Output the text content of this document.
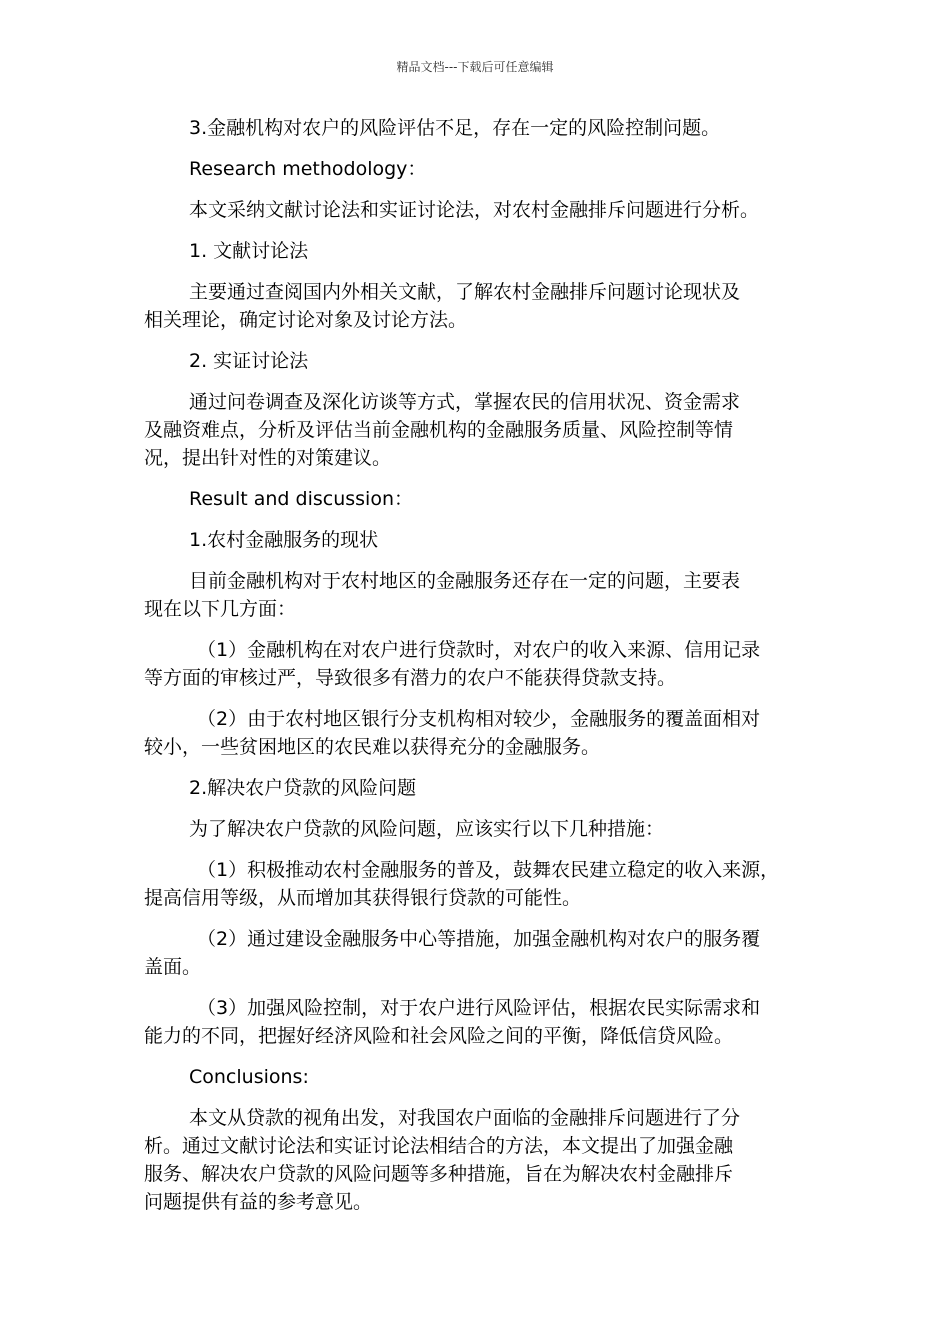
精品文档---下载后可任意编辑

3.金融机构对农户的风险评估不足，存在一定的风险控制问题。

Research methodology：

本文采纳文献讨论法和实证讨论法，对农村金融排斥问题进行分析。

1. 文献讨论法

主要通过查阅国内外相关文献，了解农村金融排斥问题讨论现状及
相关理论，确定讨论对象及讨论方法。

2. 实证讨论法

通过问卷调查及深化访谈等方式，掌握农民的信用状况、资金需求
及融资难点，分析及评估当前金融机构的金融服务质量、风险控制等情
况，提出针对性的对策建议。

Result and discussion：

1.农村金融服务的现状

目前金融机构对于农村地区的金融服务还存在一定的问题，主要表
现在以下几方面：

（1）金融机构在对农户进行贷款时，对农户的收入来源、信用记录
等方面的审核过严，导致很多有潜力的农户不能获得贷款支持。

（2）由于农村地区银行分支机构相对较少，金融服务的覆盖面相对
较小，一些贫困地区的农民难以获得充分的金融服务。

2.解决农户贷款的风险问题

为了解决农户贷款的风险问题，应该实行以下几种措施：

（1）积极推动农村金融服务的普及，鼓舞农民建立稳定的收入来源，
提高信用等级，从而增加其获得银行贷款的可能性。

（2）通过建设金融服务中心等措施，加强金融机构对农户的服务覆
盖面。

（3）加强风险控制，对于农户进行风险评估，根据农民实际需求和
能力的不同，把握好经济风险和社会风险之间的平衡，降低信贷风险。

Conclusions:

本文从贷款的视角出发，对我国农户面临的金融排斥问题进行了分
析。通过文献讨论法和实证讨论法相结合的方法，本文提出了加强金融
服务、解决农户贷款的风险问题等多种措施，旨在为解决农村金融排斥
问题提供有益的参考意见。
